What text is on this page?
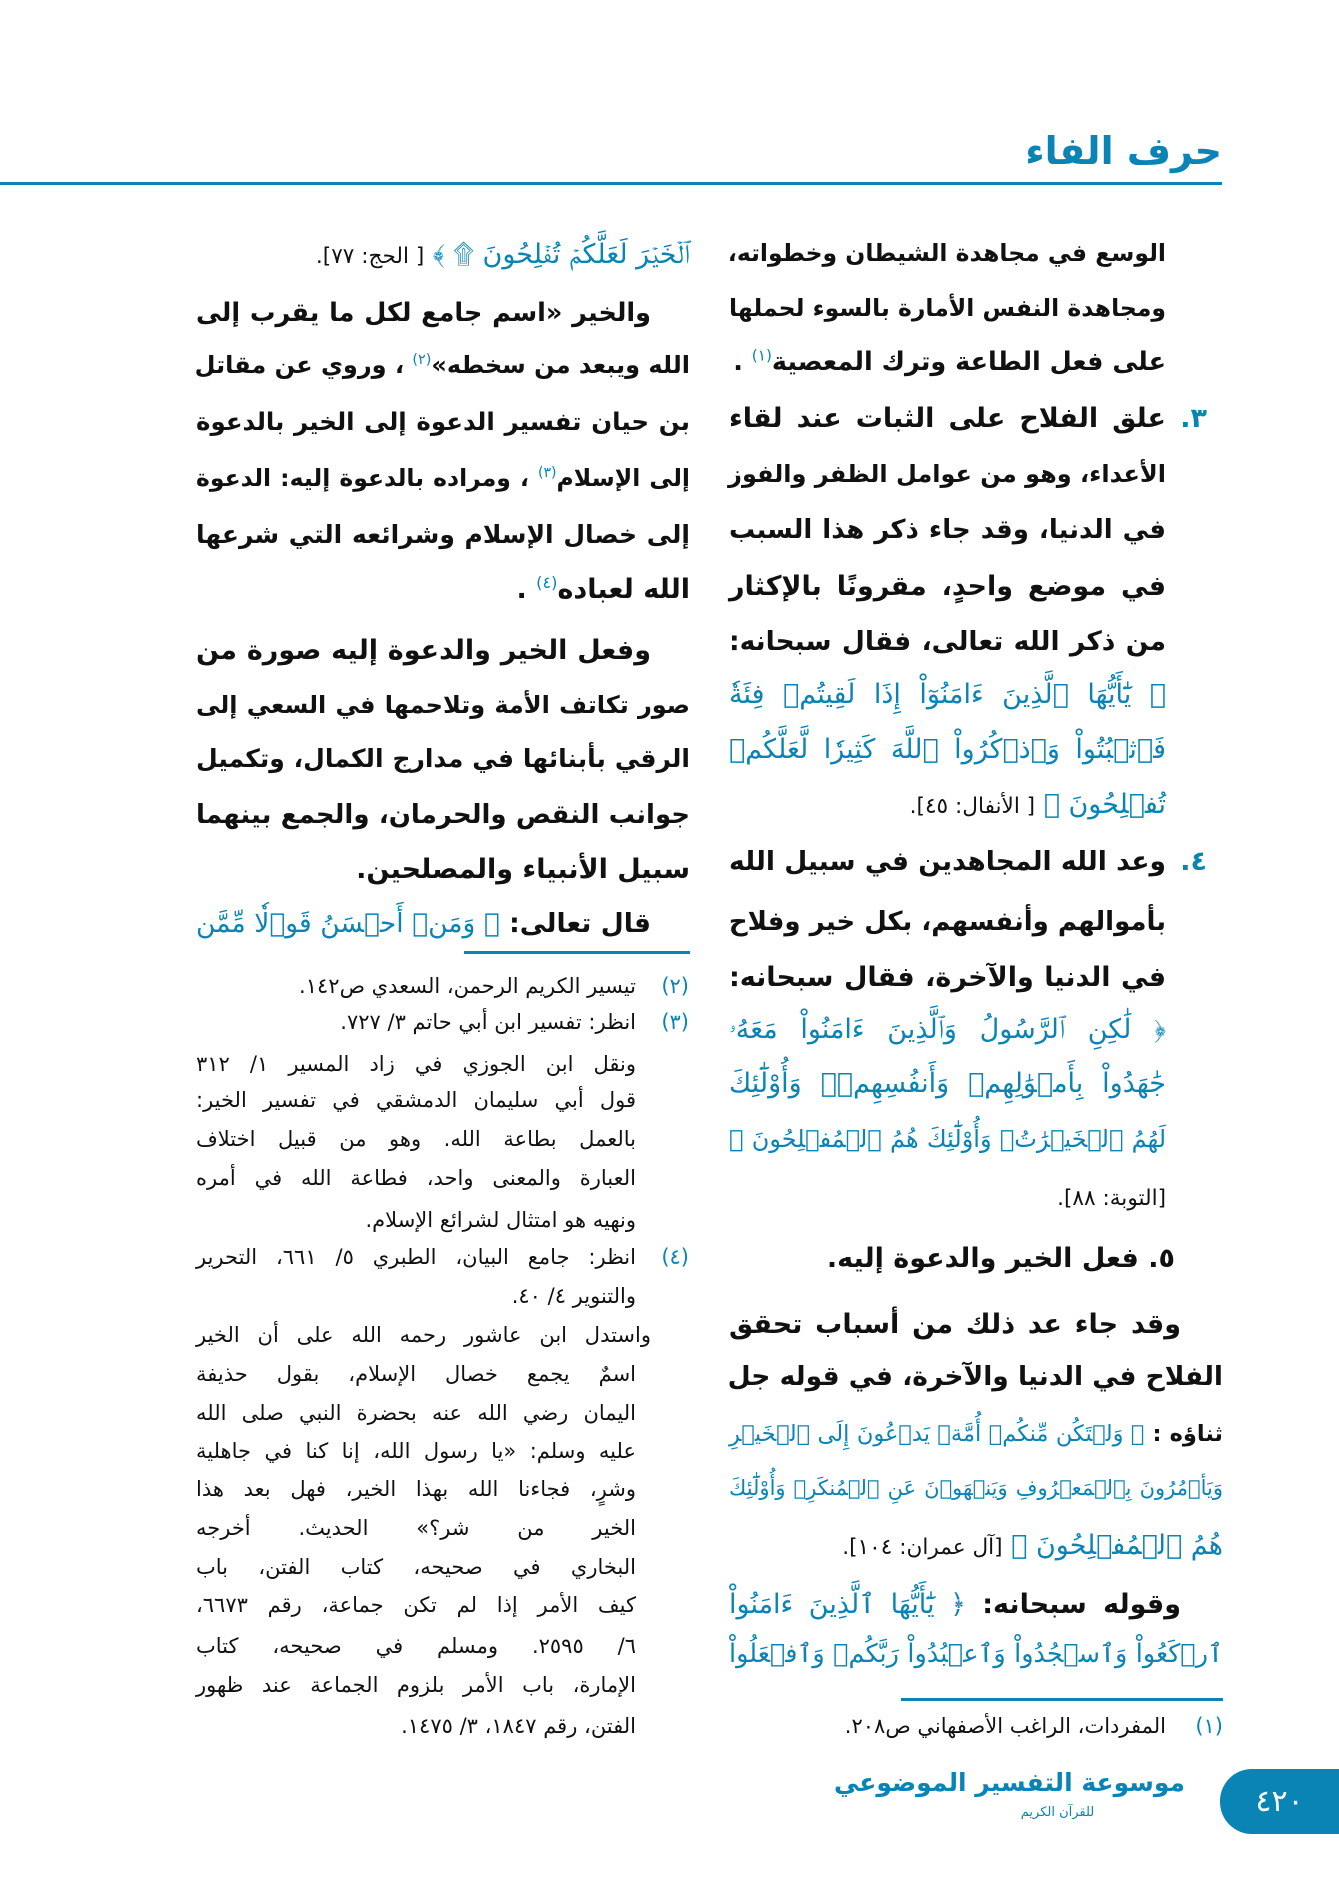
حرف الفاء
الوسع في مجاهدة الشيطان وخطواته،
ومجاهدة النفس الأمارة بالسوء لحملها
على فعل الطاعة وترك المعصية$^{(١)}$ .
علق الفلاح على الثبات عند لقاء ٣.
الأعداء، وهو من عوامل الظفر والفوز
في الدنيا، وقد جاء ذكر هذا السبب
في موضع واحدٍ، مقرونًا بالإكثار
من ذكر الله تعالى، فقال سبحانه:
﴿ يَٰٓأَيُّهَا ٱلَّذِينَ ءَامَنُوٓاْ إِذَا لَقِيتُمۡ فِئَةٗ
فَٱثۡبُتُواْ وَٱذۡكُرُواْ ٱللَّهَ كَثِيرٗا لَّعَلَّكُمۡ
تُفۡلِحُونَ ﴾ [ الأنفال: ٤٥].
وعد الله المجاهدين في سبيل الله ٤.
بأموالهم وأنفسهم، بكل خير وفلاح
في الدنيا والآخرة، فقال سبحانه:
﴿ لَٰكِنِ ٱلرَّسُولُ وَٱلَّذِينَ ءَامَنُواْ مَعَهُۥ
جَٰهَدُواْ بِأَمۡوَٰلِهِمۡ وَأَنفُسِهِمۡۚ وَأُوْلَٰٓئِكَ
لَهُمُ ٱلۡخَيۡرَٰتُۖ وَأُوْلَٰٓئِكَ هُمُ ٱلۡمُفۡلِحُونَ ﴾
[التوبة: ٨٨].
٥. فعل الخير والدعوة إليه.
وقد جاء عد ذلك من أسباب تحقق
الفلاح في الدنيا والآخرة، في قوله جل
ثناؤه : ﴿ وَلۡتَكُن مِّنكُمۡ أُمَّةٞ يَدۡعُونَ إِلَى ٱلۡخَيۡرِ
وَيَأۡمُرُونَ بِٱلۡمَعۡرُوفِ وَيَنۡهَوۡنَ عَنِ ٱلۡمُنكَرِۚ وَأُوْلَٰٓئِكَ
هُمُ ٱلۡمُفۡلِحُونَ ﴾ [آل عمران: ١٠٤].
وقوله سبحانه: ﴿ يَٰٓأَيُّهَا ٱلَّذِينَ ءَامَنُواْ
ٱرۡكَعُواْ وَٱسۡجُدُواْ وَٱعۡبُدُواْ رَبَّكُمۡ وَٱفۡعَلُواْ
المفردات، الراغب الأصفهاني ص٢٠٨. (١)
ٱلۡخَيۡرَ لَعَلَّكُمۡ تُفۡلِحُونَ ۩ ﴾ [ الحج: ٧٧].
والخير «اسم جامع لكل ما يقرب إلى
الله ويبعد من سخطه»$^{(٢)}$ ، وروي عن مقاتل
بن حيان تفسير الدعوة إلى الخير بالدعوة
إلى الإسلام$^{(٣)}$ ، ومراده بالدعوة إليه: الدعوة
إلى خصال الإسلام وشرائعه التي شرعها
الله لعباده$^{(٤)}$ .
وفعل الخير والدعوة إليه صورة من
صور تكاتف الأمة وتلاحمها في السعي إلى
الرقي بأبنائها في مدارج الكمال، وتكميل
جوانب النقص والحرمان، والجمع بينهما
سبيل الأنبياء والمصلحين.
قال تعالى: ﴿ وَمَنۡ أَحۡسَنُ قَوۡلٗا مِّمَّن
تيسير الكريم الرحمن، السعدي ص١٤٢. (٢)
انظر: تفسير ابن أبي حاتم ٣/ ٧٢٧. (٣)
ونقل ابن الجوزي في زاد المسير ١/ ٣١٢
قول أبي سليمان الدمشقي في تفسير الخير:
بالعمل بطاعة الله. وهو من قبيل اختلاف
العبارة والمعنى واحد، فطاعة الله في أمره
ونهيه هو امتثال لشرائع الإسلام.
انظر: جامع البيان، الطبري ٥/ ٦٦١، التحرير (٤)
والتنوير ٤/ ٤٠.
واستدل ابن عاشور رحمه الله على أن الخير
اسمٌ يجمع خصال الإسلام، بقول حذيفة
اليمان رضي الله عنه بحضرة النبي صلى الله
عليه وسلم: «يا رسول الله، إنا كنا في جاهلية
وشرٍ، فجاءنا الله بهذا الخير، فهل بعد هذا
الخير من شر؟» الحديث. أخرجه
البخاري في صحيحه، كتاب الفتن، باب
كيف الأمر إذا لم تكن جماعة، رقم ٦٦٧٣،
٦/ ٢٥٩٥. ومسلم في صحيحه، كتاب
الإمارة، باب الأمر بلزوم الجماعة عند ظهور
الفتن، رقم ١٨٤٧، ٣/ ١٤٧٥.
موسوعة التفسير الموضوعي
للقرآن الكريم	٤٢٠
